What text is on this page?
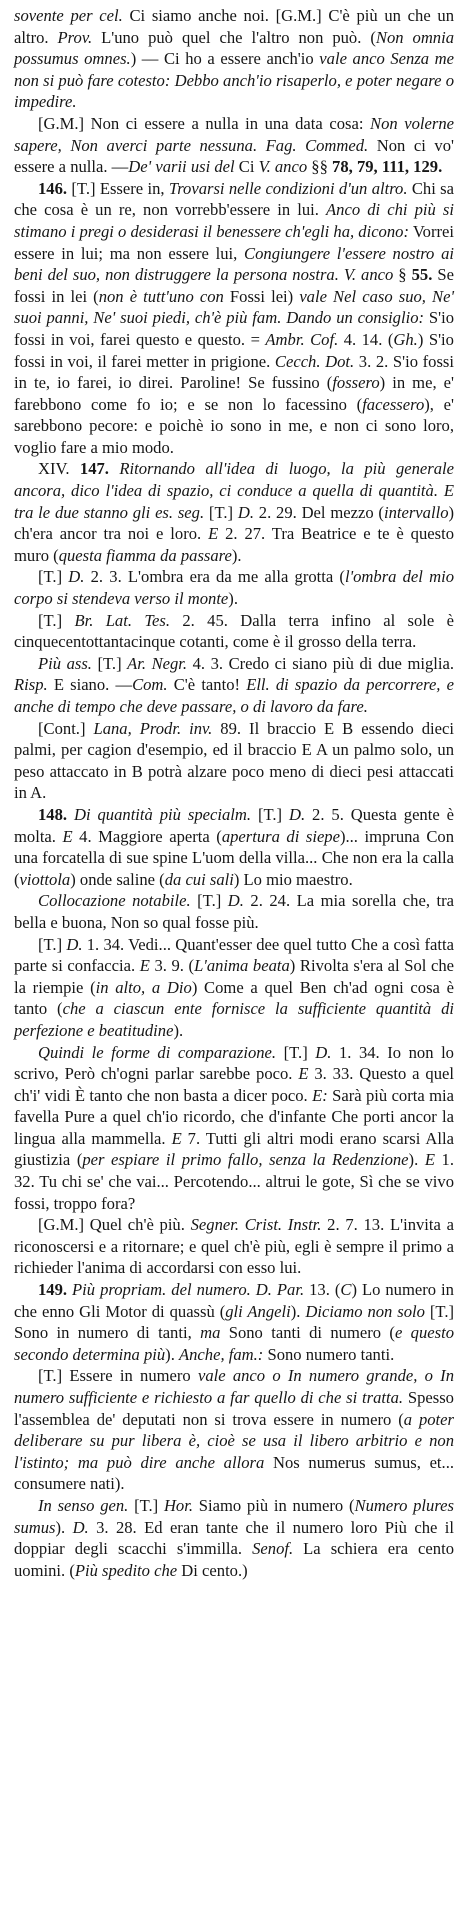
sovente per cel. Ci siamo anche noi. [G.M.] C'è più un che un altro. Prov. L'uno può quel che l'altro non può. (Non omnia possumus omnes.) — Ci ho a essere anch'io vale anco Senza me non si può fare cotesto: Debbo anch'io risaperlo, e poter negare o impedire.

[G.M.] Non ci essere a nulla in una data cosa: Non volerne sapere, Non averci parte nessuna. Fag. Commed. Non ci vo' essere a nulla. —De' varii usi del Ci V. anco §§ 78, 79, 111, 129.

146. [T.] Essere in, Trovarsi nelle condizioni d'un altro. Chi sa che cosa è un re, non vorrebb'essere in lui. Anco di chi più si stimano i pregi o desiderasi il benessere ch'egli ha, dicono: Vorrei essere in lui; ma non essere lui, Congiungere l'essere nostro ai beni del suo, non distruggere la persona nostra. V. anco § 55. Se fossi in lei (non è tutt'uno con Fossi lei) vale Nel caso suo, Ne' suoi panni, Ne' suoi piedi, ch'è più fam. Dando un consiglio: S'io fossi in voi, farei questo e questo. = Ambr. Cof. 4. 14. (Gh.) S'io fossi in voi, il farei metter in prigione. Cecch. Dot. 3. 2. S'io fossi in te, io farei, io direi. Paroline! Se fussino (fossero) in me, e' farebbono come fo io; e se non lo facessino (facessero), e' sarebbono pecore: e poichè io sono in me, e non ci sono loro, voglio fare a mio modo.

XIV. 147. Ritornando all'idea di luogo, la più generale ancora, dico l'idea di spazio, ci conduce a quella di quantità. E tra le due stanno gli es. seg. [T.] D. 2. 29. Del mezzo (intervallo) ch'era ancor tra noi e loro. E 2. 27. Tra Beatrice e te è questo muro (questa fiamma da passare).

[T.] D. 2. 3. L'ombra era da me alla grotta (l'ombra del mio corpo si stendeva verso il monte).

[T.] Br. Lat. Tes. 2. 45. Dalla terra infino al sole è cinquecentottantacinque cotanti, come è il grosso della terra.

Più ass. [T.] Ar. Negr. 4. 3. Credo ci siano più di due miglia. Risp. E siano. —Com. C'è tanto! Ell. di spazio da percorrere, e anche di tempo che deve passare, o di lavoro da fare.

[Cont.] Lana, Prodr. inv. 89. Il braccio E B essendo dieci palmi, per cagion d'esempio, ed il braccio E A un palmo solo, un peso attaccato in B potrà alzare poco meno di dieci pesi attaccati in A.

148. Di quantità più specialm. [T.] D. 2. 5. Questa gente è molta. E 4. Maggiore aperta (apertura di siepe)... impruna Con una forcatella di sue spine L'uom della villa... Che non era la calla (viottola) onde saline (da cui sali) Lo mio maestro.

Collocazione notabile. [T.] D. 2. 24. La mia sorella che, tra bella e buona, Non so qual fosse più.

[T.] D. 1. 34. Vedi... Quant'esser dee quel tutto Che a così fatta parte si confaccia. E 3. 9. (L'anima beata) Rivolta s'era al Sol che la riempie (in alto, a Dio) Come a quel Ben ch'ad ogni cosa è tanto (che a ciascun ente fornisce la sufficiente quantità di perfezione e beatitudine).

Quindi le forme di comparazione. [T.] D. 1. 34. Io non lo scrivo, Però ch'ogni parlar sarebbe poco. E 3. 33. Questo a quel ch'i' vidi È tanto che non basta a dicer poco. E: Sarà più corta mia favella Pure a quel ch'io ricordo, che d'infante Che porti ancor la lingua alla mammella. E 7. Tutti gli altri modi erano scarsi Alla giustizia (per espiare il primo fallo, senza la Redenzione). E 1. 32. Tu chi se' che vai... Percotendo... altrui le gote, Sì che se vivo fossi, troppo fora?

[G.M.] Quel ch'è più. Segner. Crist. Instr. 2. 7. 13. L'invita a riconoscersi e a ritornare; e quel ch'è più, egli è sempre il primo a richieder l'anima di accordarsi con esso lui.

149. Più propriam. del numero. D. Par. 13. (C) Lo numero in che enno Gli Motor di quassù (gli Angeli). Diciamo non solo [T.] Sono in numero di tanti, ma Sono tanti di numero (e questo secondo determina più). Anche, fam.: Sono numero tanti.

[T.] Essere in numero vale anco o In numero grande, o In numero sufficiente e richiesto a far quello di che si tratta. Spesso l'assemblea de' deputati non si trova essere in numero (a poter deliberare su pur libera è, cioè se usa il libero arbitrio e non l'istinto; ma può dire anche allora Nos numerus sumus, et... consumere nati).

In senso gen. [T.] Hor. Siamo più in numero (Numero plures sumus). D. 3. 28. Ed eran tante che il numero loro Più che il doppiar degli scacchi s'immilla. Senof. La schiera era cento uomini. (Più spedito che Di cento.)
